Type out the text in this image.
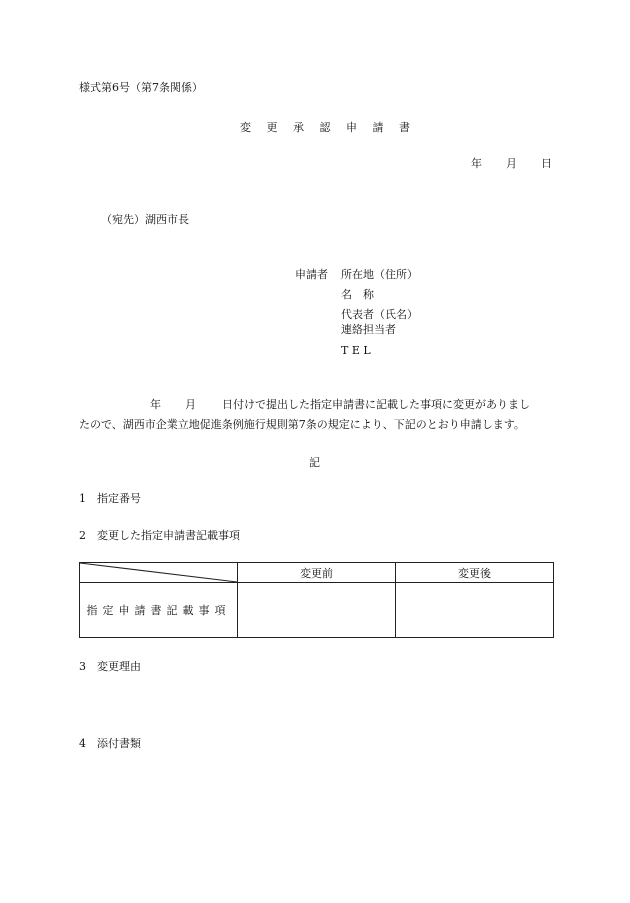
様式第6号（第7条関係）
変 更 承 認 申 請 書
年 月 日
（宛先）湖西市長
申請者 所在地（住所）
名　称
代表者（氏名）
連絡担当者
T E L
年 月 日付けで提出した指定申請書に記載した事項に変更がありまし
たので、湖西市企業立地促進条例施行規則第7条の規定により、下記のとおり申請します。
記
1 指定番号
2 変更した指定申請書記載事項
	変更前	変更後
指定申請書記載事項		
3 変更理由
4 添付書類
